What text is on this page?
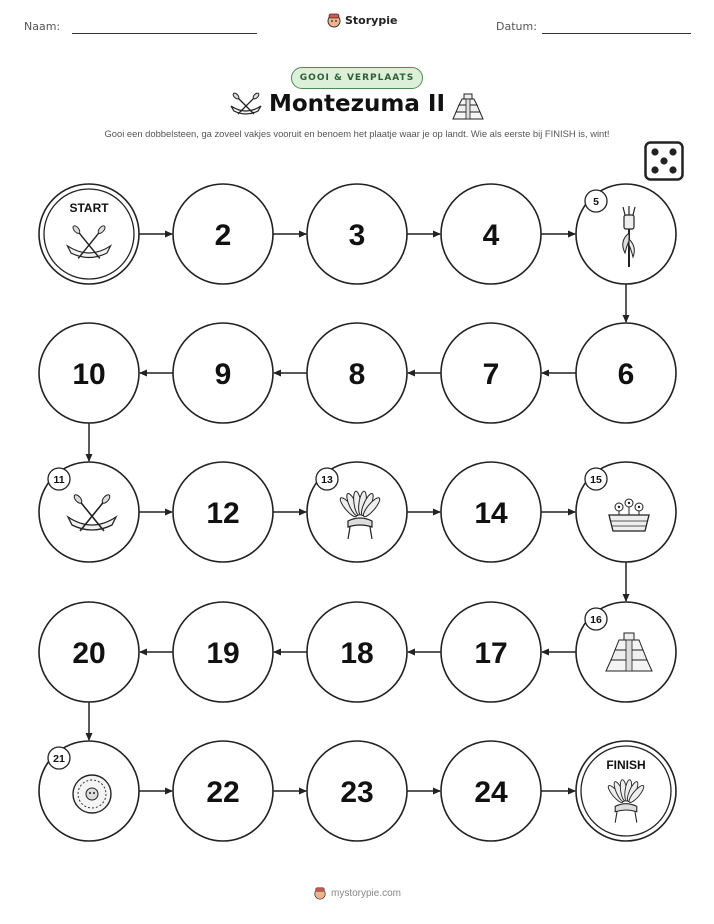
Naam:	Storypie	Datum:
GOOI & VERPLAATS
Montezuma II
Gooi een dobbelsteen, ga zoveel vakjes vooruit en benoem het plaatje waar je op landt. Wie als eerste bij FINISH is, wint!
START
2	3	4
5
6
7
8
9
10
11
12
13
14
15
16
17
18
19
20
21
22	23	24
FINISH
mystorypie.com
